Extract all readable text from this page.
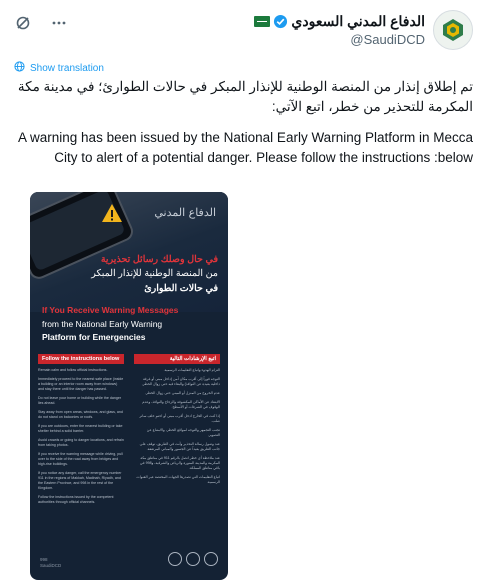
الدفاع المدني السعودي
@SaudiDCD
Show translation
تم إطلاق إنذار من المنصة الوطنية للإنذار المبكر في حالات الطوارئ؛ في مدينة مكة المكرمة للتحذير من خطر، اتبع الآتي:
A warning has been issued by the National Early Warning Platform in Mecca City to alert of a potential danger. Please follow the instructions :below
الدفاع المدني
في حال وصلك رسائل تحذيرية
من المنصة الوطنية للإنذار المبكر
في حالات الطوارئ
If You Receive Warning Messages
from the National Early Warning
Platform for Emergencies
Follow the instructions below
Remain calm and follow official instructions.
Immediately proceed to the nearest safe place (inside a building or an interior room away from windows) and stay there until the danger has passed.
Do not leave your home or building while the danger lies ahead.
Stay away from open areas, windows, and glass, and do not stand on balconies or roofs.
If you are outdoors, enter the nearest building or take shelter behind a solid barrier.
Avoid crowds or going to danger locations, and refrain from taking photos.
If you receive the warning message while driving, pull over to the side of the road away from bridges and high-rise buildings.
If you notice any danger, call the emergency number 911 in the regions of Makkah, Madinah, Riyadh, and the Eastern Province, and 998 in the rest of the Kingdom.
Follow the instructions issued by the competent authorities through official channels.
اتبع الإرشادات التالية
التزام الهدوء واتباع التعليمات الرسمية.
التوجه فوراً إلى أقرب مكان آمن (داخل مبنى أو غرفة داخلية بعيدة عن النوافذ) والبقاء فيه حتى زوال الخطر.
عدم الخروج من المنزل أو المبنى حتى زوال الخطر.
الابتعاد عن الأماكن المكشوفة والزجاج والنوافذ، وعدم الوقوف في الشرفات أو الأسطح.
إذا كنت في الخارج ادخل أقرب مبنى أو احتمِ خلف ساتر صلب.
تجنب التجمهر والتوجه لمواقع الخطر، والامتناع عن التصوير.
عند وصول رسالة التحذير وأنت في الطريق، توقف على جانب الطريق بعيداً عن الجسور والمباني المرتفعة.
عند ملاحظة أي خطر اتصل بالرقم 911 في مناطق مكة المكرمة والمدينة المنورة والرياض والشرقية، و998 في باقي مناطق المملكة.
اتباع التعليمات التي تصدرها الجهات المختصة عبر القنوات الرسمية.
998
SaudiDCD
